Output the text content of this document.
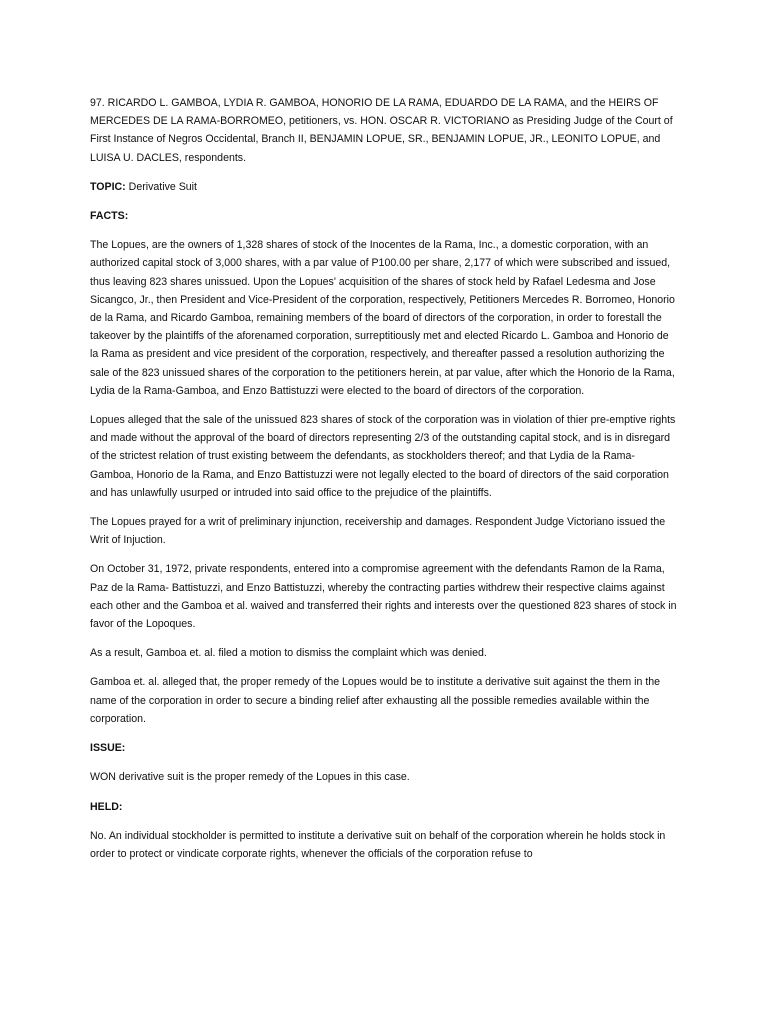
97. RICARDO L. GAMBOA, LYDIA R. GAMBOA, HONORIO DE LA RAMA, EDUARDO DE LA RAMA, and the HEIRS OF MERCEDES DE LA RAMA-BORROMEO, petitioners, vs. HON. OSCAR R. VICTORIANO as Presiding Judge of the Court of First Instance of Negros Occidental, Branch II, BENJAMIN LOPUE, SR., BENJAMIN LOPUE, JR., LEONITO LOPUE, and LUISA U. DACLES, respondents.

TOPIC: Derivative Suit

FACTS:

The Lopues, are the owners of 1,328 shares of stock of the Inocentes de la Rama, Inc., a domestic corporation, with an authorized capital stock of 3,000 shares, with a par value of P100.00 per share, 2,177 of which were subscribed and issued, thus leaving 823 shares unissued. Upon the Lopues' acquisition of the shares of stock held by Rafael Ledesma and Jose Sicangco, Jr., then President and Vice-President of the corporation, respectively, Petitioners Mercedes R. Borromeo, Honorio de la Rama, and Ricardo Gamboa, remaining members of the board of directors of the corporation, in order to forestall the takeover by the plaintiffs of the aforenamed corporation, surreptitiously met and elected Ricardo L. Gamboa and Honorio de la Rama as president and vice president of the corporation, respectively, and thereafter passed a resolution authorizing the sale of the 823 unissued shares of the corporation to the petitioners herein, at par value, after which the Honorio de la Rama, Lydia de la Rama-Gamboa, and Enzo Battistuzzi were elected to the board of directors of the corporation.

Lopues alleged that the sale of the unissued 823 shares of stock of the corporation was in violation of thier pre-emptive rights and made without the approval of the board of directors representing 2/3 of the outstanding capital stock, and is in disregard of the strictest relation of trust existing betweem the defendants, as stockholders thereof; and that Lydia de la Rama-Gamboa, Honorio de la Rama, and Enzo Battistuzzi were not legally elected to the board of directors of the said corporation and has unlawfully usurped or intruded into said office to the prejudice of the plaintiffs.

The Lopues prayed for a writ of preliminary injunction, receivership and damages. Respondent Judge Victoriano issued the Writ of Injuction.

On October 31, 1972, private respondents, entered into a compromise agreement with the defendants Ramon de la Rama, Paz de la Rama- Battistuzzi, and Enzo Battistuzzi, whereby the contracting parties withdrew their respective claims against each other and the Gamboa et al. waived and transferred their rights and interests over the questioned 823 shares of stock in favor of the Lopoques.

As a result, Gamboa et. al. filed a motion to dismiss the complaint which was denied.

Gamboa et. al. alleged that, the proper remedy of the Lopues would be to institute a derivative suit against the them in the name of the corporation in order to secure a binding relief after exhausting all the possible remedies available within the corporation.

ISSUE:

WON derivative suit is the proper remedy of the Lopues in this case.

HELD:

No. An individual stockholder is permitted to institute a derivative suit on behalf of the corporation wherein he holds stock in order to protect or vindicate corporate rights, whenever the officials of the corporation refuse to
